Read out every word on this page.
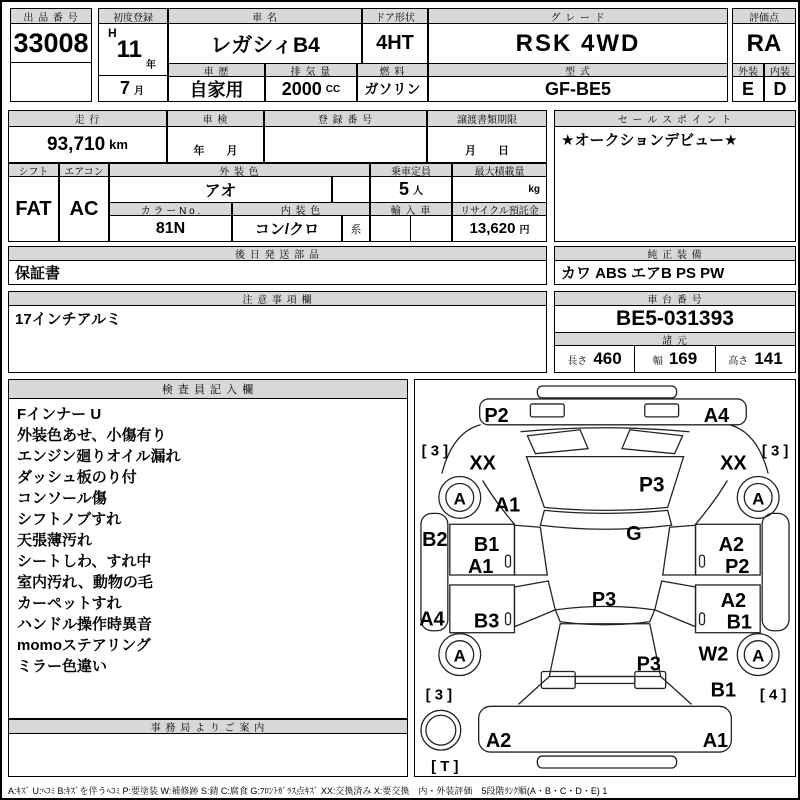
出 品 番 号
33008
初度登録
H
11
年
7 月
車 名
レガシィB4
ドア形状
4HT
車 歴
自家用
排 気 量
2000 CC
燃 料
ガソリン
グ レ ー ド
RSK 4WD
型 式
GF-BE5
評価点
RA
外装	内装
E	D
走 行
93,710 km
車 検
年　　月
登 録 番 号	譲渡書類期限
月　　日
セ ー ル ス ポ イ ン ト
★オークションデビュー★
シフト
FAT
エアコン
AC
外 装 色
アオ
カ ラ ー N o .
81N
内 装 色
コン/クロ	系
乗車定員
5 人
最大積載量
kg
輸 入 車	リサイクル預託金
13,620 円
後 日 発 送 部 品
保証書
純 正 装 備
カワ ABS エアB PS PW
注 意 事 項 欄
17インチアルミ
車 台 番 号
BE5-031393
諸 元
長さ 460	幅 169	高さ 141
検 査 員 記 入 欄
Fインナー U
外装色あせ、小傷有り
エンジン廻りオイル漏れ
ダッシュ板のり付
コンソール傷
シフトノブすれ
天張薄汚れ
シートしわ、すれ中
室内汚れ、動物の毛
カーペットすれ
ハンドル操作時異音
momoステアリング
ミラー色違い
事 務 局 よ り ご 案 内
P2	A4
[ 3 ]
XX	XX
[ 3 ]
P3
A1
A	A
G
B2 B1
A1
A2
P2
P3
A4 B3
A2
B1
W2
A	A
P3
B1
[ 3 ]	[ 4 ]
A2	A1
[ T ]
A:ｷｽﾞ U:ﾍｺﾐ B:ｷｽﾞを伴うﾍｺﾐ P:要塗装 W:補修跡 S:錆 C:腐食 G:ﾌﾛﾝﾄｶﾞﾗｽ点ｷｽﾞ XX:交換済み X:要交換　内・外装評価　5段階ﾗﾝｸ順(A・B・C・D・E) 1
